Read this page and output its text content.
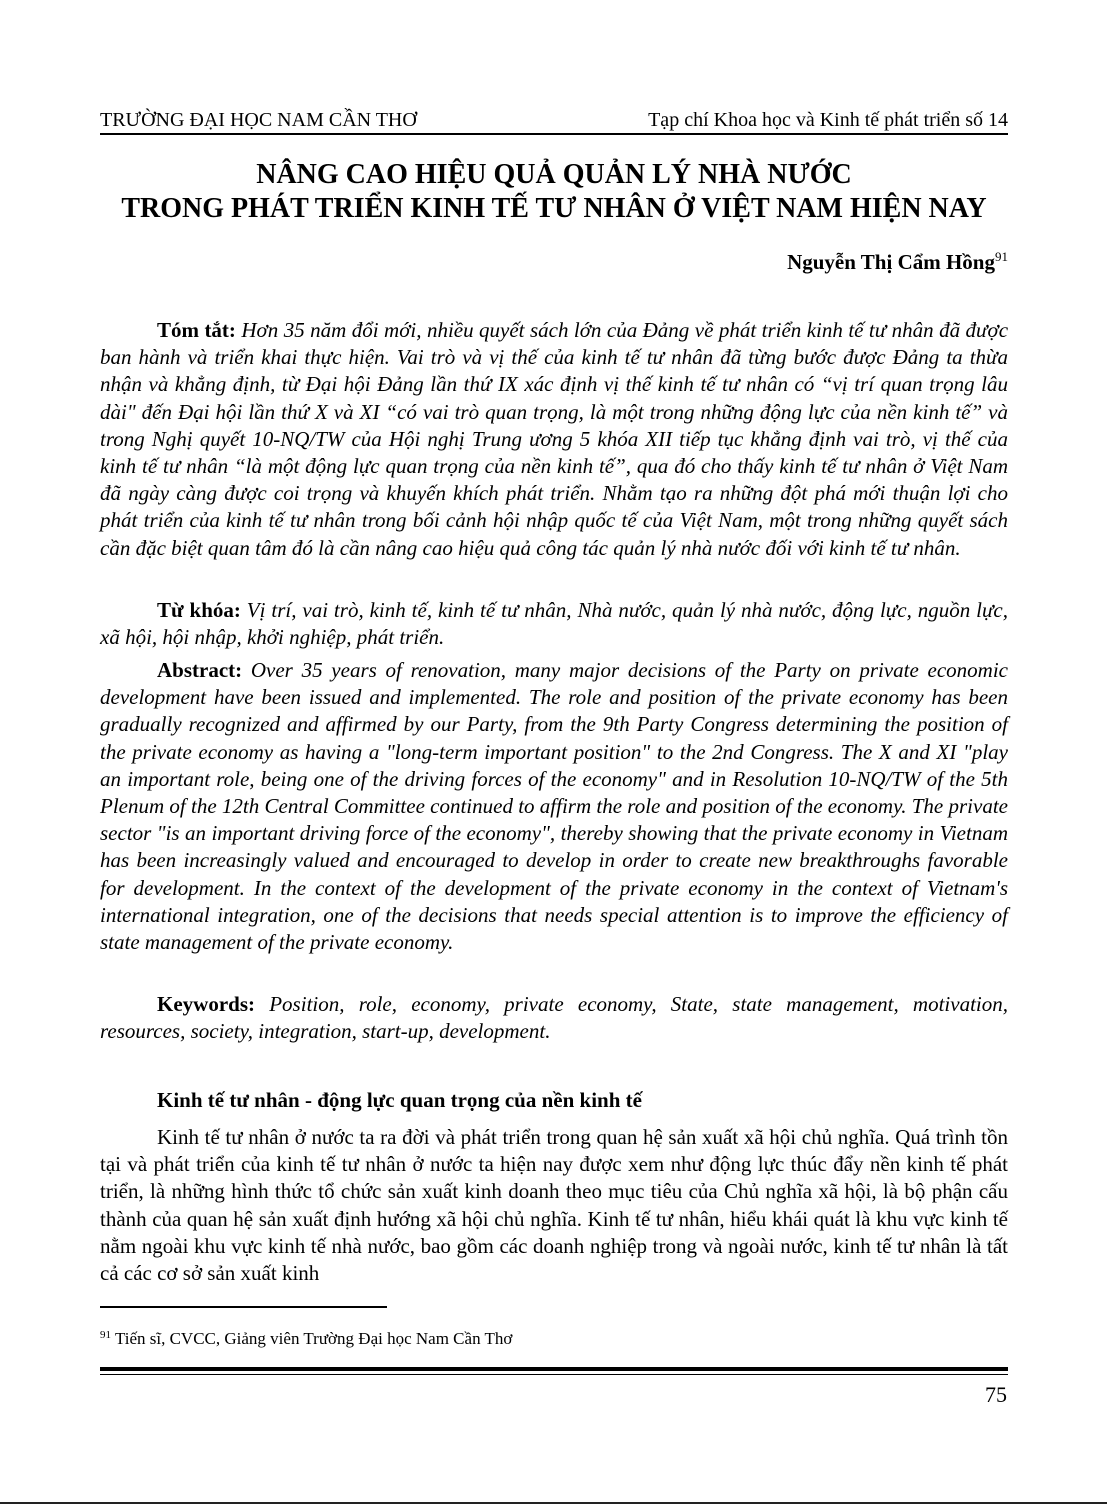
TRƯỜNG ĐẠI HỌC NAM CẦN THƠ	Tạp chí Khoa học và Kinh tế phát triển số 14
NÂNG CAO HIỆU QUẢ QUẢN LÝ NHÀ NƯỚC
TRONG PHÁT TRIỂN KINH TẾ TƯ NHÂN Ở VIỆT NAM HIỆN NAY
Nguyễn Thị Cẩm Hồng$^{91}$
Tóm tắt: Hơn 35 năm đổi mới, nhiều quyết sách lớn của Đảng về phát triển kinh tế tư nhân đã được ban hành và triển khai thực hiện. Vai trò và vị thế của kinh tế tư nhân đã từng bước được Đảng ta thừa nhận và khẳng định, từ Đại hội Đảng lần thứ IX xác định vị thế kinh tế tư nhân có “vị trí quan trọng lâu dài" đến Đại hội lần thứ X và XI “có vai trò quan trọng, là một trong những động lực của nền kinh tế” và trong Nghị quyết 10-NQ/TW của Hội nghị Trung ương 5 khóa XII tiếp tục khẳng định vai trò, vị thế của kinh tế tư nhân “là một động lực quan trọng của nền kinh tế”, qua đó cho thấy kinh tế tư nhân ở Việt Nam đã ngày càng được coi trọng và khuyến khích phát triển. Nhằm tạo ra những đột phá mới thuận lợi cho phát triển của kinh tế tư nhân trong bối cảnh hội nhập quốc tế của Việt Nam, một trong những quyết sách cần đặc biệt quan tâm đó là cần nâng cao hiệu quả công tác quản lý nhà nước đối với kinh tế tư nhân.
Từ khóa: Vị trí, vai trò, kinh tế, kinh tế tư nhân, Nhà nước, quản lý nhà nước, động lực, nguồn lực, xã hội, hội nhập, khởi nghiệp, phát triển.
Abstract: Over 35 years of renovation, many major decisions of the Party on private economic development have been issued and implemented. The role and position of the private economy has been gradually recognized and affirmed by our Party, from the 9th Party Congress determining the position of the private economy as having a "long-term important position" to the 2nd Congress. The X and XI "play an important role, being one of the driving forces of the economy" and in Resolution 10-NQ/TW of the 5th Plenum of the 12th Central Committee continued to affirm the role and position of the economy. The private sector "is an important driving force of the economy", thereby showing that the private economy in Vietnam has been increasingly valued and encouraged to develop in order to create new breakthroughs favorable for development. In the context of the development of the private economy in the context of Vietnam's international integration, one of the decisions that needs special attention is to improve the efficiency of state management of the private economy.
Keywords: Position, role, economy, private economy, State, state management, motivation, resources, society, integration, start-up, development.
Kinh tế tư nhân - động lực quan trọng của nền kinh tế
Kinh tế tư nhân ở nước ta ra đời và phát triển trong quan hệ sản xuất xã hội chủ nghĩa. Quá trình tồn tại và phát triển của kinh tế tư nhân ở nước ta hiện nay được xem như động lực thúc đẩy nền kinh tế phát triển, là những hình thức tổ chức sản xuất kinh doanh theo mục tiêu của Chủ nghĩa xã hội, là bộ phận cấu thành của quan hệ sản xuất định hướng xã hội chủ nghĩa. Kinh tế tư nhân, hiểu khái quát là khu vực kinh tế nằm ngoài khu vực kinh tế nhà nước, bao gồm các doanh nghiệp trong và ngoài nước, kinh tế tư nhân là tất cả các cơ sở sản xuất kinh
$^{91}$ Tiến sĩ, CVCC, Giảng viên Trường Đại học Nam Cần Thơ
75
